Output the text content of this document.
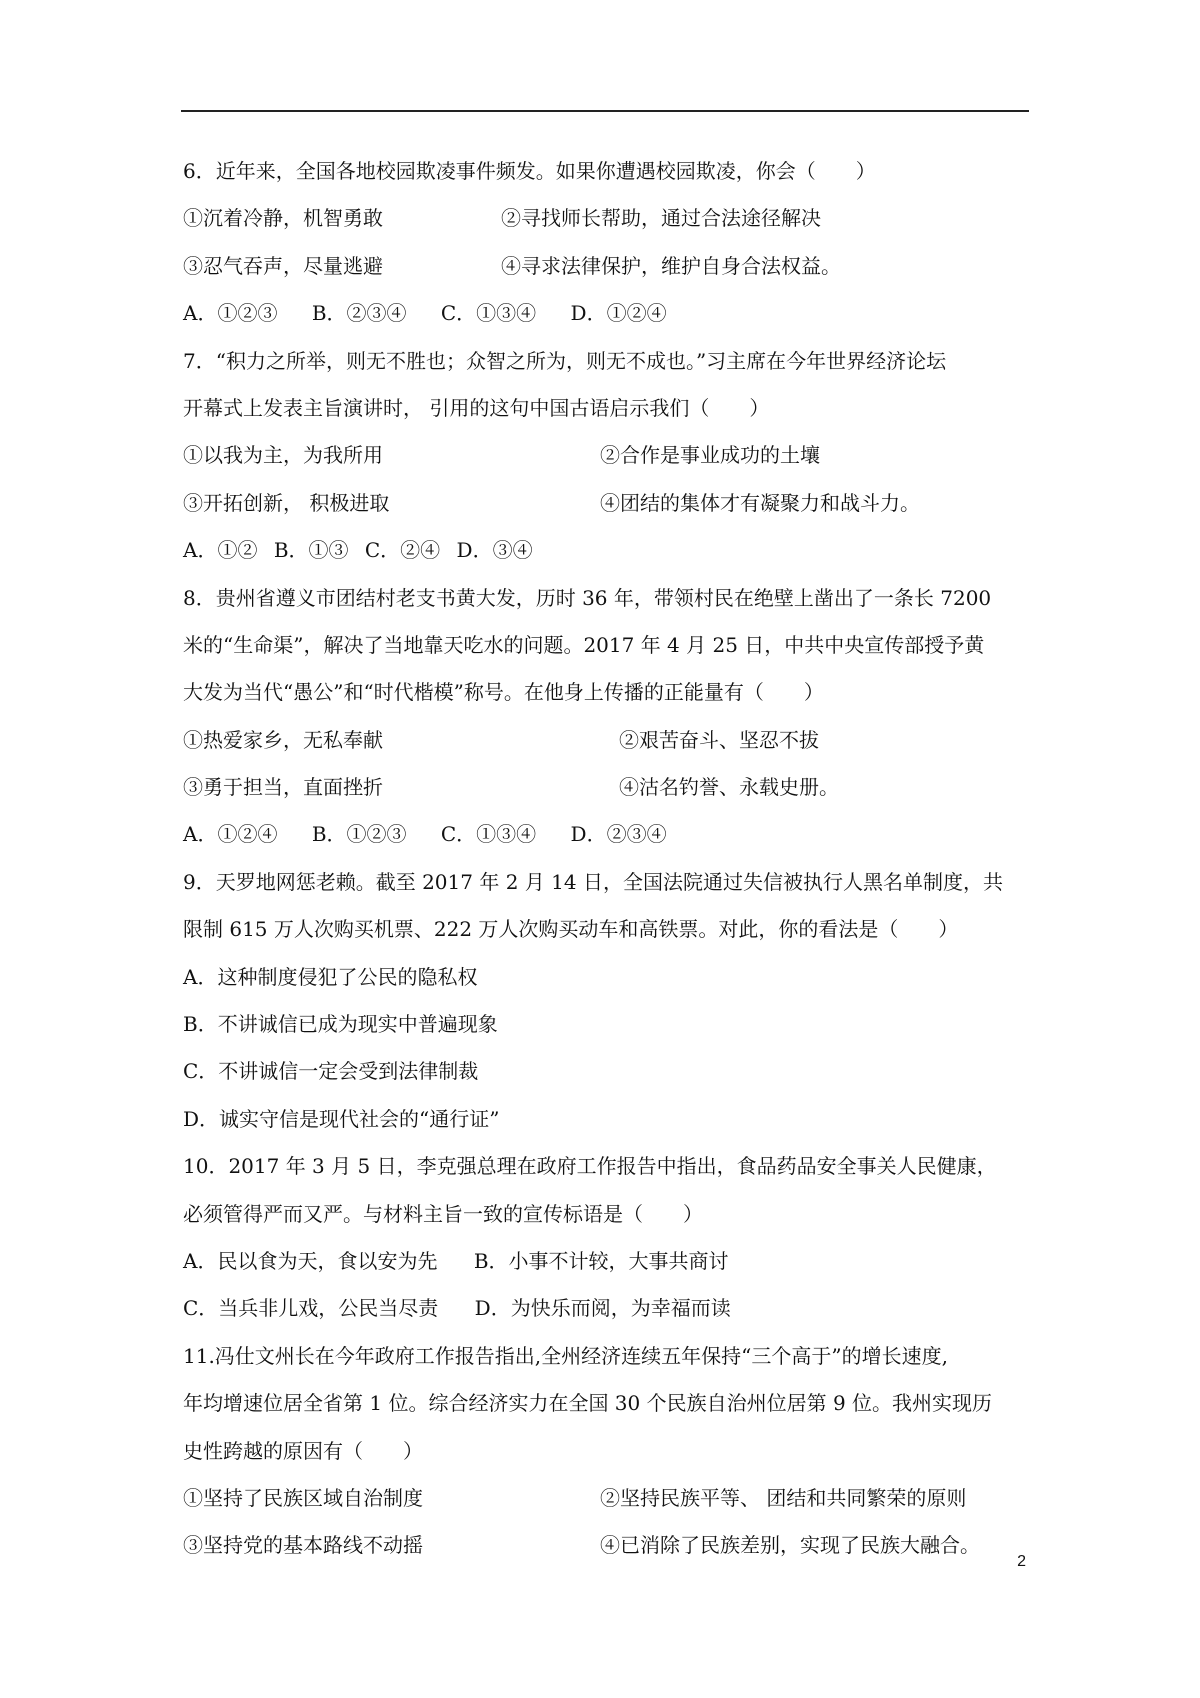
6．近年来，全国各地校园欺凌事件频发。如果你遭遇校园欺凌，你会（　　）
①沉着冷静，机智勇敢	②寻找师长帮助，通过合法途径解决
③忍气吞声，尽量逃避	④寻求法律保护，维护自身合法权益。
A．①②③ B．②③④ C．①③④ D．①②④
7．“积力之所举，则无不胜也；众智之所为，则无不成也。”习主席在今年世界经济论坛
开幕式上发表主旨演讲时， 引用的这句中国古语启示我们（　　）
①以我为主，为我所用	②合作是事业成功的土壤
③开拓创新， 积极进取	④团结的集体才有凝聚力和战斗力。
A．①② B．①③ C．②④ D．③④
8．贵州省遵义市团结村老支书黄大发，历时 36 年，带领村民在绝壁上凿出了一条长 7200
米的“生命渠”，解决了当地靠天吃水的问题。2017 年 4 月 25 日，中共中央宣传部授予黄
大发为当代“愚公”和“时代楷模”称号。在他身上传播的正能量有（　　）
①热爱家乡，无私奉献	②艰苦奋斗、坚忍不拔
③勇于担当，直面挫折	④沽名钓誉、永载史册。
A．①②④ B．①②③ C．①③④ D．②③④
9．天罗地网惩老赖。截至 2017 年 2 月 14 日，全国法院通过失信被执行人黑名单制度，共
限制 615 万人次购买机票、222 万人次购买动车和高铁票。对此，你的看法是（　　）
A．这种制度侵犯了公民的隐私权
B．不讲诚信已成为现实中普遍现象
C．不讲诚信一定会受到法律制裁
D．诚实守信是现代社会的“通行证”
10．2017 年 3 月 5 日，李克强总理在政府工作报告中指出，食品药品安全事关人民健康，
必须管得严而又严。与材料主旨一致的宣传标语是（　　）
A．民以食为天，食以安为先 B．小事不计较，大事共商讨
C．当兵非儿戏，公民当尽责 D．为快乐而阅，为幸福而读
11.冯仕文州长在今年政府工作报告指出,全州经济连续五年保持“三个高于”的增长速度,
年均增速位居全省第 1 位。综合经济实力在全国 30 个民族自治州位居第 9 位。我州实现历
史性跨越的原因有（　　）
①坚持了民族区域自治制度	②坚持民族平等、 团结和共同繁荣的原则
③坚持党的基本路线不动摇	④已消除了民族差别，实现了民族大融合。
2
